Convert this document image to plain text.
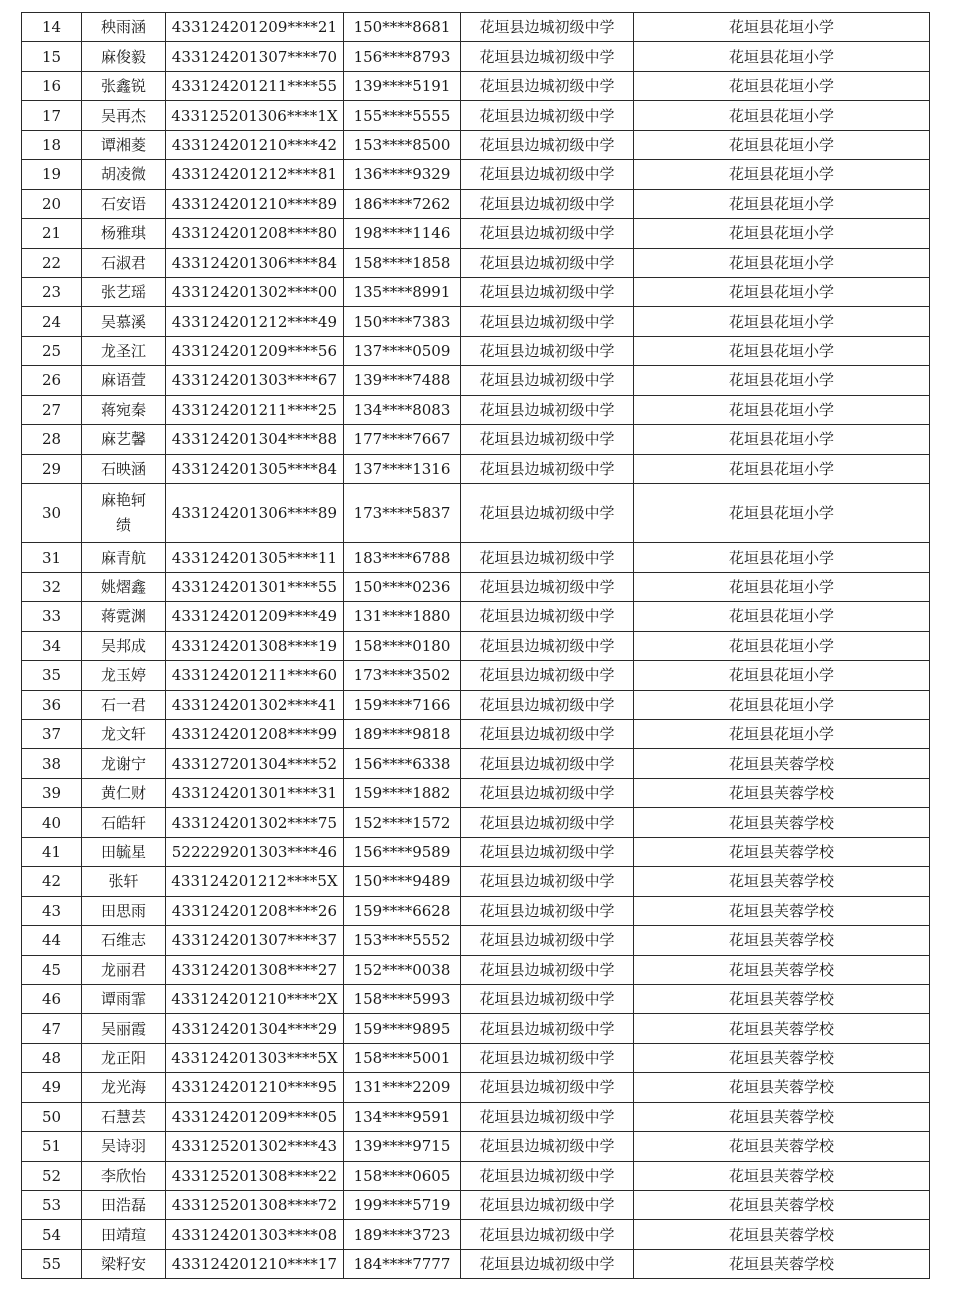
14	秧雨涵	433124201209****21	150****8681	花垣县边城初级中学	花垣县花垣小学
15	麻俊毅	433124201307****70	156****8793	花垣县边城初级中学	花垣县花垣小学
16	张鑫锐	433124201211****55	139****5191	花垣县边城初级中学	花垣县花垣小学
17	吴再杰	433125201306****1X	155****5555	花垣县边城初级中学	花垣县花垣小学
18	谭湘菱	433124201210****42	153****8500	花垣县边城初级中学	花垣县花垣小学
19	胡凌微	433124201212****81	136****9329	花垣县边城初级中学	花垣县花垣小学
20	石安语	433124201210****89	186****7262	花垣县边城初级中学	花垣县花垣小学
21	杨雅琪	433124201208****80	198****1146	花垣县边城初级中学	花垣县花垣小学
22	石淑君	433124201306****84	158****1858	花垣县边城初级中学	花垣县花垣小学
23	张艺瑶	433124201302****00	135****8991	花垣县边城初级中学	花垣县花垣小学
24	吴慕溪	433124201212****49	150****7383	花垣县边城初级中学	花垣县花垣小学
25	龙圣江	433124201209****56	137****0509	花垣县边城初级中学	花垣县花垣小学
26	麻语萱	433124201303****67	139****7488	花垣县边城初级中学	花垣县花垣小学
27	蒋宛秦	433124201211****25	134****8083	花垣县边城初级中学	花垣县花垣小学
28	麻艺馨	433124201304****88	177****7667	花垣县边城初级中学	花垣县花垣小学
29	石映涵	433124201305****84	137****1316	花垣县边城初级中学	花垣县花垣小学
30	麻艳轲绩	433124201306****89	173****5837	花垣县边城初级中学	花垣县花垣小学
31	麻青航	433124201305****11	183****6788	花垣县边城初级中学	花垣县花垣小学
32	姚熠鑫	433124201301****55	150****0236	花垣县边城初级中学	花垣县花垣小学
33	蒋霓渊	433124201209****49	131****1880	花垣县边城初级中学	花垣县花垣小学
34	吴邦成	433124201308****19	158****0180	花垣县边城初级中学	花垣县花垣小学
35	龙玉婷	433124201211****60	173****3502	花垣县边城初级中学	花垣县花垣小学
36	石一君	433124201302****41	159****7166	花垣县边城初级中学	花垣县花垣小学
37	龙文轩	433124201208****99	189****9818	花垣县边城初级中学	花垣县花垣小学
38	龙谢宁	433127201304****52	156****6338	花垣县边城初级中学	花垣县芙蓉学校
39	黄仁财	433124201301****31	159****1882	花垣县边城初级中学	花垣县芙蓉学校
40	石皓轩	433124201302****75	152****1572	花垣县边城初级中学	花垣县芙蓉学校
41	田毓星	522229201303****46	156****9589	花垣县边城初级中学	花垣县芙蓉学校
42	张轩	433124201212****5X	150****9489	花垣县边城初级中学	花垣县芙蓉学校
43	田思雨	433124201208****26	159****6628	花垣县边城初级中学	花垣县芙蓉学校
44	石维志	433124201307****37	153****5552	花垣县边城初级中学	花垣县芙蓉学校
45	龙丽君	433124201308****27	152****0038	花垣县边城初级中学	花垣县芙蓉学校
46	谭雨霏	433124201210****2X	158****5993	花垣县边城初级中学	花垣县芙蓉学校
47	吴丽霞	433124201304****29	159****9895	花垣县边城初级中学	花垣县芙蓉学校
48	龙正阳	433124201303****5X	158****5001	花垣县边城初级中学	花垣县芙蓉学校
49	龙光海	433124201210****95	131****2209	花垣县边城初级中学	花垣县芙蓉学校
50	石慧芸	433124201209****05	134****9591	花垣县边城初级中学	花垣县芙蓉学校
51	吴诗羽	433125201302****43	139****9715	花垣县边城初级中学	花垣县芙蓉学校
52	李欣怡	433125201308****22	158****0605	花垣县边城初级中学	花垣县芙蓉学校
53	田浩磊	433125201308****72	199****5719	花垣县边城初级中学	花垣县芙蓉学校
54	田靖瑄	433124201303****08	189****3723	花垣县边城初级中学	花垣县芙蓉学校
55	梁籽安	433124201210****17	184****7777	花垣县边城初级中学	花垣县芙蓉学校
